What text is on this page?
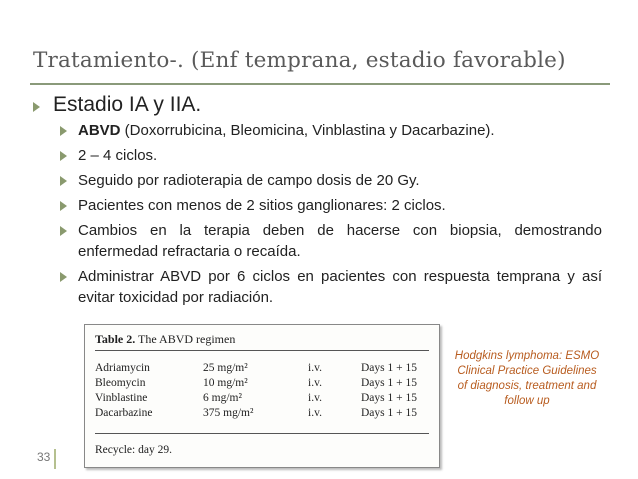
Tratamiento-. (Enf temprana, estadio favorable)
Estadio IA y IIA.
ABVD (Doxorrubicina, Bleomicina, Vinblastina y Dacarbazine).
2 – 4 ciclos.
Seguido por radioterapia de campo dosis de 20 Gy.
Pacientes con menos de 2 sitios ganglionares: 2 ciclos.
Cambios en la terapia deben de hacerse con biopsia, demostrando enfermedad refractaria o recaída.
Administrar ABVD por 6 ciclos en pacientes con respuesta temprana y así evitar toxicidad por radiación.
Table 2. The ABVD regimen
Adriamycin	25 mg/m²	i.v.	Days 1 + 15
Bleomycin	10 mg/m²	i.v.	Days 1 + 15
Vinblastine	6 mg/m²	i.v.	Days 1 + 15
Dacarbazine	375 mg/m²	i.v.	Days 1 + 15
Recycle: day 29.
Hodgkins lymphoma: ESMO Clinical Practice Guidelines of diagnosis, treatment and follow up
33
